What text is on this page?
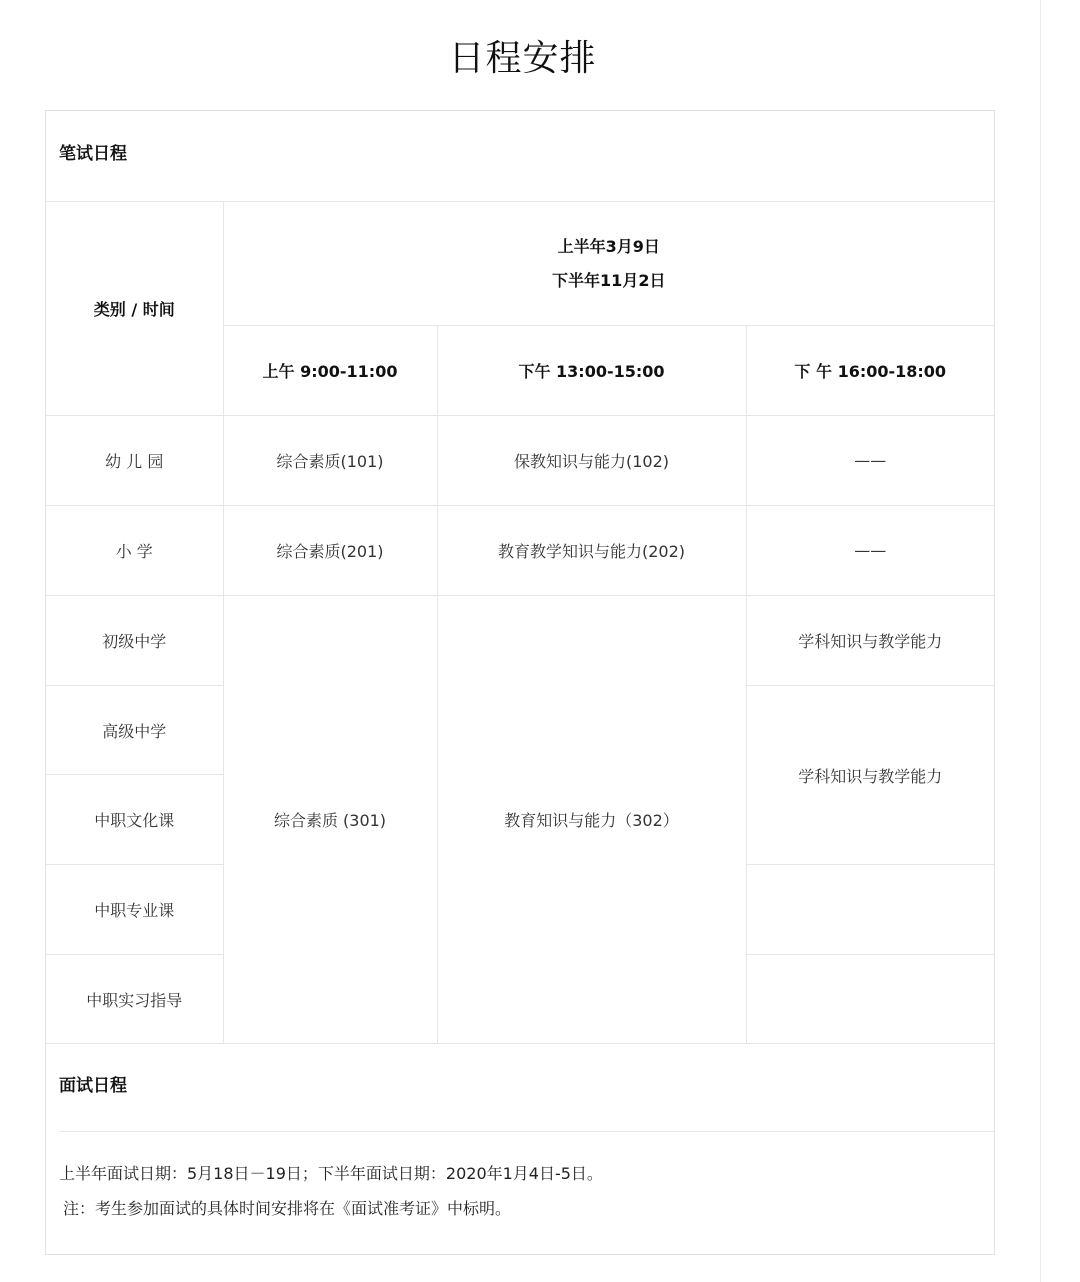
日程安排
笔试日程
类别 / 时间	上半年3月9日
下半年11月2日		

	上午 9:00-11:00	下午 13:00-15:00	下 午 16:00-18:00
幼 儿 园	综合素质(101)	保教知识与能力(102)	——
小 学	综合素质(201)	教育教学知识与能力(202)	——
初级中学	综合素质 (301)	教育知识与能力（302）	学科知识与教学能力
高级中学			学科知识与教学能力
中职文化课			
中职专业课			
中职实习指导			
面试日程
上半年面试日期：5月18日－19日；下半年面试日期：2020年1月4日-5日。
注：考生参加面试的具体时间安排将在《面试准考证》中标明。
